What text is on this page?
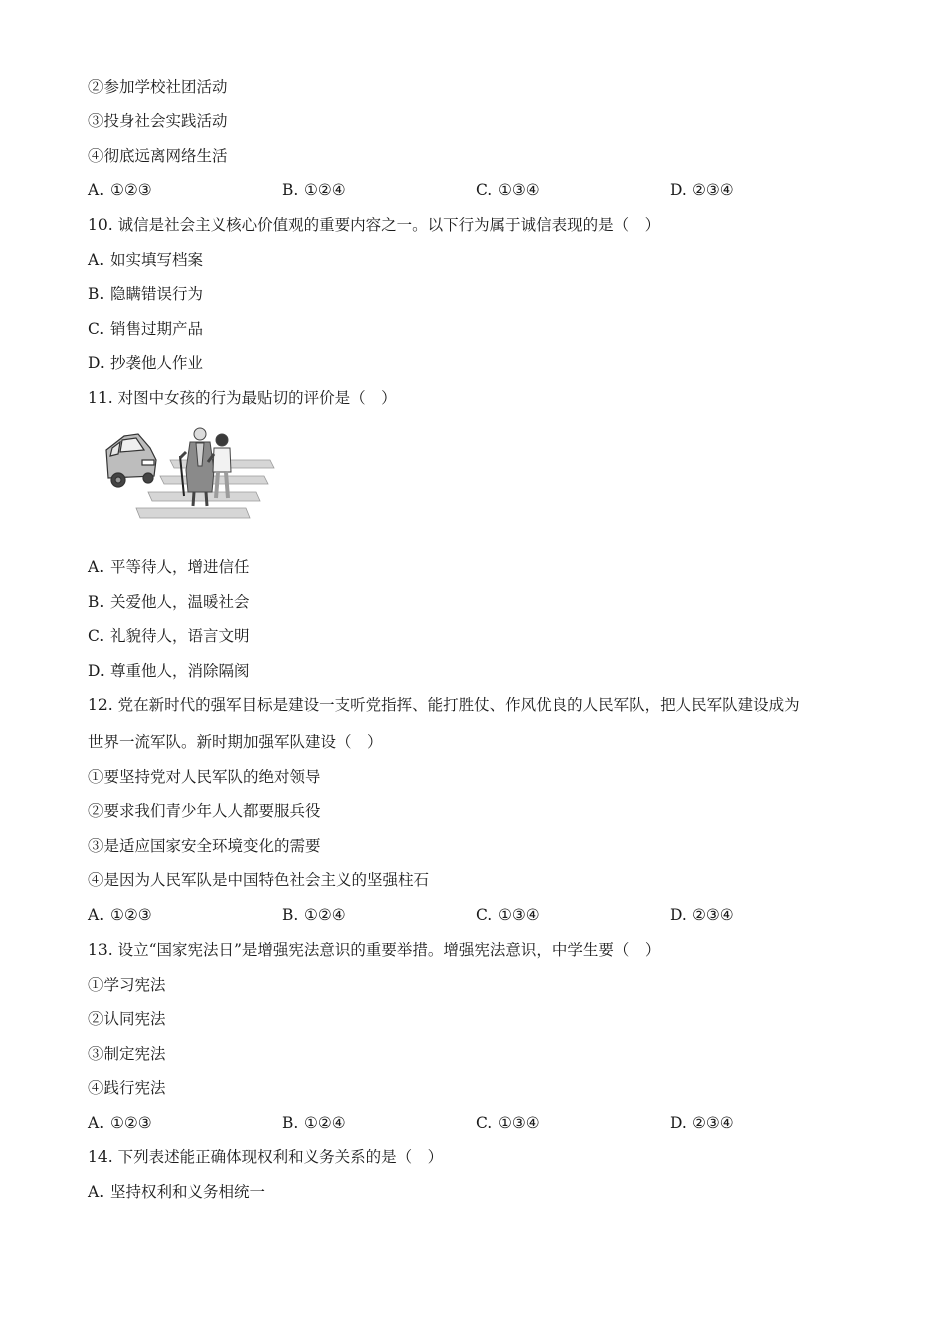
②参加学校社团活动
③投身社会实践活动
④彻底远离网络生活
A. ①②③	B. ①②④	C. ①③④	D. ②③④
10. 诚信是社会主义核心价值观的重要内容之一。以下行为属于诚信表现的是（　）
A. 如实填写档案
B. 隐瞒错误行为
C. 销售过期产品
D. 抄袭他人作业
11. 对图中女孩的行为最贴切的评价是（　）
A. 平等待人，增进信任
B. 关爱他人，温暖社会
C. 礼貌待人，语言文明
D. 尊重他人，消除隔阂
12. 党在新时代的强军目标是建设一支听党指挥、能打胜仗、作风优良的人民军队，把人民军队建设成为
世界一流军队。新时期加强军队建设（　）
①要坚持党对人民军队的绝对领导
②要求我们青少年人人都要服兵役
③是适应国家安全环境变化的需要
④是因为人民军队是中国特色社会主义的坚强柱石
A. ①②③	B. ①②④	C. ①③④	D. ②③④
13. 设立“国家宪法日”是增强宪法意识的重要举措。增强宪法意识，中学生要（　）
①学习宪法
②认同宪法
③制定宪法
④践行宪法
A. ①②③	B. ①②④	C. ①③④	D. ②③④
14. 下列表述能正确体现权利和义务关系的是（　）
A. 坚持权利和义务相统一
